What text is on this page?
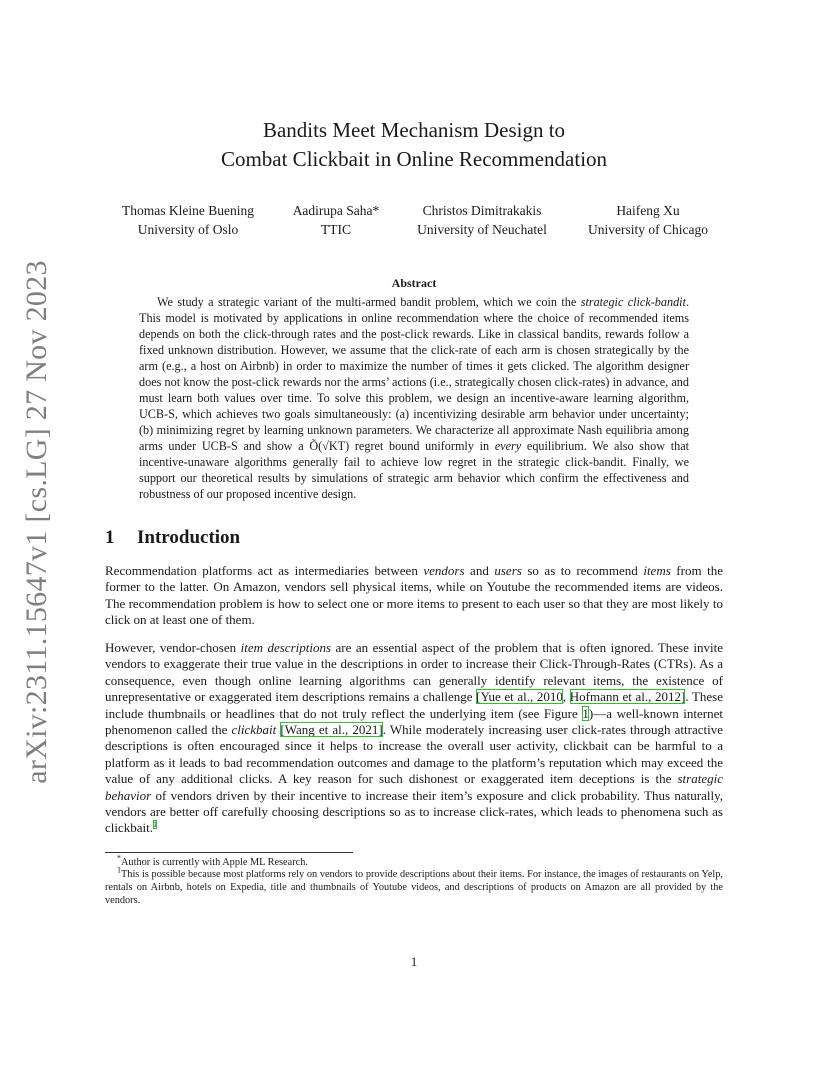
arXiv:2311.15647v1 [cs.LG] 27 Nov 2023
Bandits Meet Mechanism Design to
Combat Clickbait in Online Recommendation
Thomas Kleine Buening
University of Oslo
Aadirupa Saha*
TTIC
Christos Dimitrakakis
University of Neuchatel
Haifeng Xu
University of Chicago
Abstract
We study a strategic variant of the multi-armed bandit problem, which we coin the strategic click-bandit. This model is motivated by applications in online recommendation where the choice of recommended items depends on both the click-through rates and the post-click rewards. Like in classical bandits, rewards follow a fixed unknown distribution. However, we assume that the click-rate of each arm is chosen strategically by the arm (e.g., a host on Airbnb) in order to maximize the number of times it gets clicked. The algorithm designer does not know the post-click rewards nor the arms’ actions (i.e., strategically chosen click-rates) in advance, and must learn both values over time. To solve this problem, we design an incentive-aware learning algorithm, UCB-S, which achieves two goals simultaneously: (a) incentivizing desirable arm behavior under uncertainty; (b) minimizing regret by learning unknown parameters. We characterize all approximate Nash equilibria among arms under UCB-S and show a Õ(√KT) regret bound uniformly in every equilibrium. We also show that incentive-unaware algorithms generally fail to achieve low regret in the strategic click-bandit. Finally, we support our theoretical results by simulations of strategic arm behavior which confirm the effectiveness and robustness of our proposed incentive design.
1 Introduction
Recommendation platforms act as intermediaries between vendors and users so as to recommend items from the former to the latter. On Amazon, vendors sell physical items, while on Youtube the recommended items are videos. The recommendation problem is how to select one or more items to present to each user so that they are most likely to click on at least one of them.
However, vendor-chosen item descriptions are an essential aspect of the problem that is often ignored. These invite vendors to exaggerate their true value in the descriptions in order to increase their Click-Through-Rates (CTRs). As a consequence, even though online learning algorithms can generally identify relevant items, the existence of unrepresentative or exaggerated item descriptions remains a challenge [Yue et al., 2010, Hofmann et al., 2012]. These include thumbnails or headlines that do not truly reflect the underlying item (see Figure 1)—a well-known internet phenomenon called the clickbait [Wang et al., 2021]. While moderately increasing user click-rates through attractive descriptions is often encouraged since it helps to increase the overall user activity, clickbait can be harmful to a platform as it leads to bad recommendation outcomes and damage to the platform’s reputation which may exceed the value of any additional clicks. A key reason for such dishonest or exaggerated item deceptions is the strategic behavior of vendors driven by their incentive to increase their item’s exposure and click probability. Thus naturally, vendors are better off carefully choosing descriptions so as to increase click-rates, which leads to phenomena such as clickbait.$^1$
*Author is currently with Apple ML Research.
$^1$This is possible because most platforms rely on vendors to provide descriptions about their items. For instance, the images of restaurants on Yelp, rentals on Airbnb, hotels on Expedia, title and thumbnails of Youtube videos, and descriptions of products on Amazon are all provided by the vendors.
1
